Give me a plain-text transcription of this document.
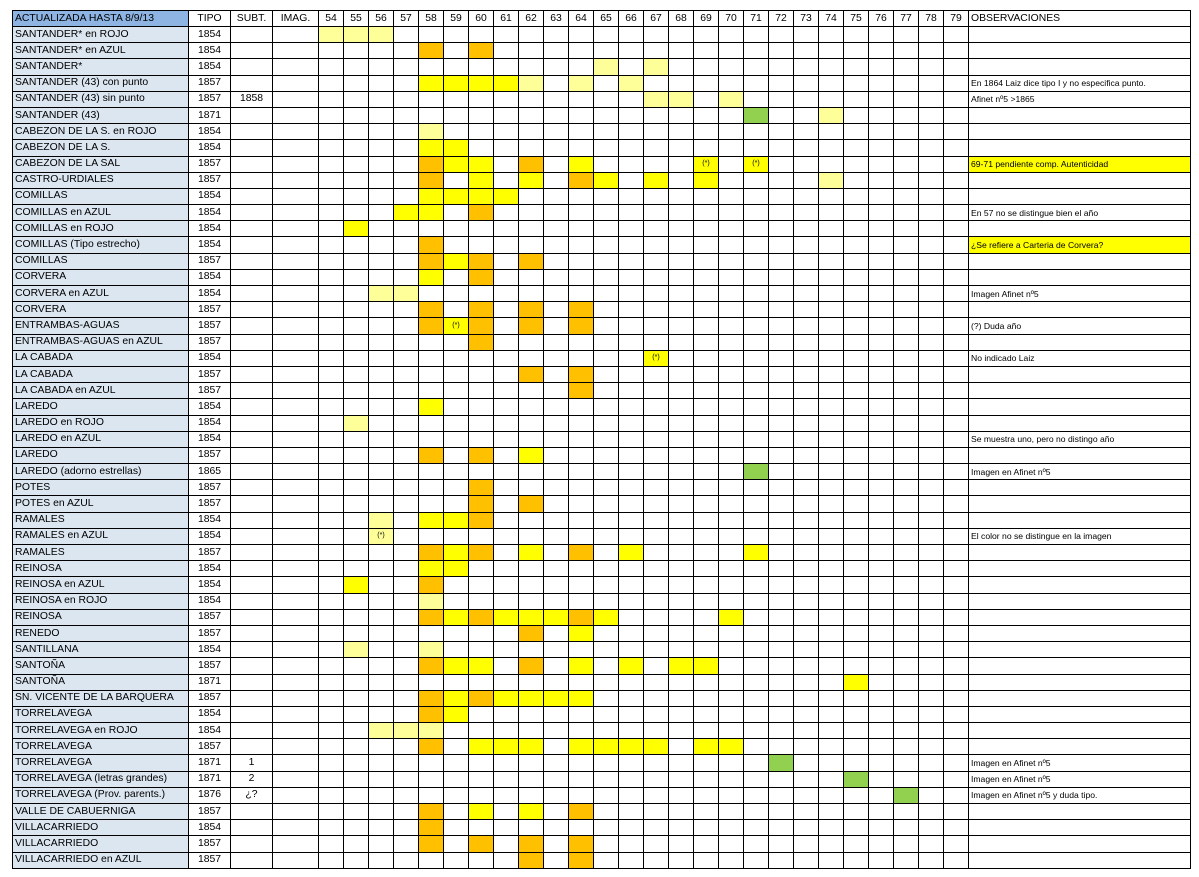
ACTUALIZADA HASTA 8/9/13	TIPO	SUBT.	IMAG.	54	55	56	57	58	59	60	61	62	63	64	65	66	67	68	69	70	71	72	73	74	75	76	77	78	79	OBSERVACIONES
SANTANDER* en ROJO	1854																													
SANTANDER* en AZUL	1854																													
SANTANDER*	1854																													
SANTANDER (43) con punto	1857																													En 1864 Laiz dice tipo I y no especifica punto.
SANTANDER (43) sin punto	1857	1858																												Afinet nº5 >1865
SANTANDER (43)	1871																													
CABEZON DE LA S. en ROJO	1854																													
CABEZON DE LA S.	1854																													
CABEZON DE LA SAL	1857																		(*)		(*)									69-71 pendiente comp. Autenticidad
CASTRO-URDIALES	1857																													
COMILLAS	1854																													
COMILLAS en AZUL	1854																													En 57 no se distingue bien el año
COMILLAS en ROJO	1854																													
COMILLAS (Tipo estrecho)	1854																													¿Se refiere a Carteria de Corvera?
COMILLAS	1857																													
CORVERA	1854																													
CORVERA en AZUL	1854																													Imagen Afinet nº5
CORVERA	1857																													
ENTRAMBAS-AGUAS	1857								(*)																					(?) Duda año
ENTRAMBAS-AGUAS en AZUL	1857																													
LA CABADA	1854																(*)													No indicado Laiz
LA CABADA	1857																													
LA CABADA en AZUL	1857																													
LAREDO	1854																													
LAREDO en ROJO	1854																													
LAREDO en AZUL	1854																													Se muestra uno, pero no distingo año
LAREDO	1857																													
LAREDO (adorno estrellas)	1865																													Imagen en Afinet nº5
POTES	1857																													
POTES en AZUL	1857																													
RAMALES	1854																													
RAMALES en AZUL	1854					(*)																								El color no se distingue en la imagen
RAMALES	1857																													
REINOSA	1854																													
REINOSA en AZUL	1854																													
REINOSA en ROJO	1854																													
REINOSA	1857																													
RENEDO	1857																													
SANTILLANA	1854																													
SANTOÑA	1857																													
SANTOÑA	1871																													
SN. VICENTE DE LA BARQUERA	1857																													
TORRELAVEGA	1854																													
TORRELAVEGA en ROJO	1854																													
TORRELAVEGA	1857																													
TORRELAVEGA	1871	1																												Imagen en Afinet nº5
TORRELAVEGA (letras grandes)	1871	2																												Imagen en Afinet nº5
TORRELAVEGA (Prov. parents.)	1876	¿?																												Imagen en Afinet nº5 y duda tipo.
VALLE DE CABUERNIGA	1857																													
VILLACARRIEDO	1854																													
VILLACARRIEDO	1857																													
VILLACARRIEDO en AZUL	1857																													
